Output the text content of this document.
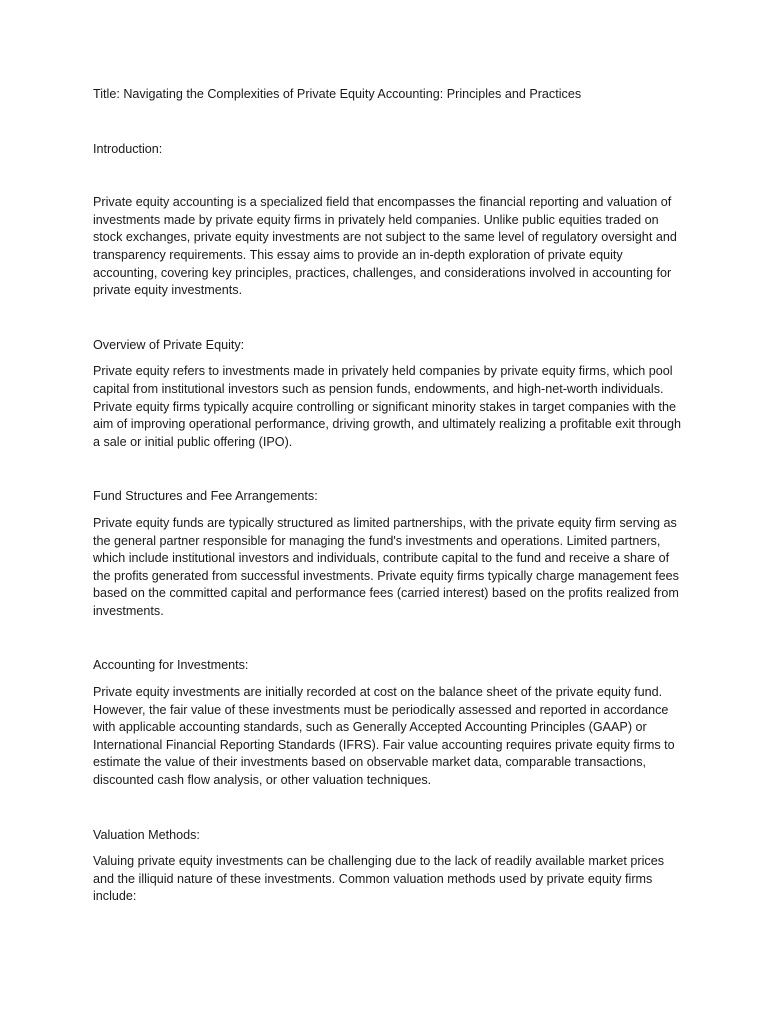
Title: Navigating the Complexities of Private Equity Accounting: Principles and Practices

Introduction:

Private equity accounting is a specialized field that encompasses the financial reporting and valuation of investments made by private equity firms in privately held companies. Unlike public equities traded on stock exchanges, private equity investments are not subject to the same level of regulatory oversight and transparency requirements. This essay aims to provide an in-depth exploration of private equity accounting, covering key principles, practices, challenges, and considerations involved in accounting for private equity investments.

Overview of Private Equity:

Private equity refers to investments made in privately held companies by private equity firms, which pool capital from institutional investors such as pension funds, endowments, and high-net-worth individuals. Private equity firms typically acquire controlling or significant minority stakes in target companies with the aim of improving operational performance, driving growth, and ultimately realizing a profitable exit through a sale or initial public offering (IPO).

Fund Structures and Fee Arrangements:

Private equity funds are typically structured as limited partnerships, with the private equity firm serving as the general partner responsible for managing the fund's investments and operations. Limited partners, which include institutional investors and individuals, contribute capital to the fund and receive a share of the profits generated from successful investments. Private equity firms typically charge management fees based on the committed capital and performance fees (carried interest) based on the profits realized from investments.

Accounting for Investments:

Private equity investments are initially recorded at cost on the balance sheet of the private equity fund. However, the fair value of these investments must be periodically assessed and reported in accordance with applicable accounting standards, such as Generally Accepted Accounting Principles (GAAP) or International Financial Reporting Standards (IFRS). Fair value accounting requires private equity firms to estimate the value of their investments based on observable market data, comparable transactions, discounted cash flow analysis, or other valuation techniques.

Valuation Methods:

Valuing private equity investments can be challenging due to the lack of readily available market prices and the illiquid nature of these investments. Common valuation methods used by private equity firms include:
